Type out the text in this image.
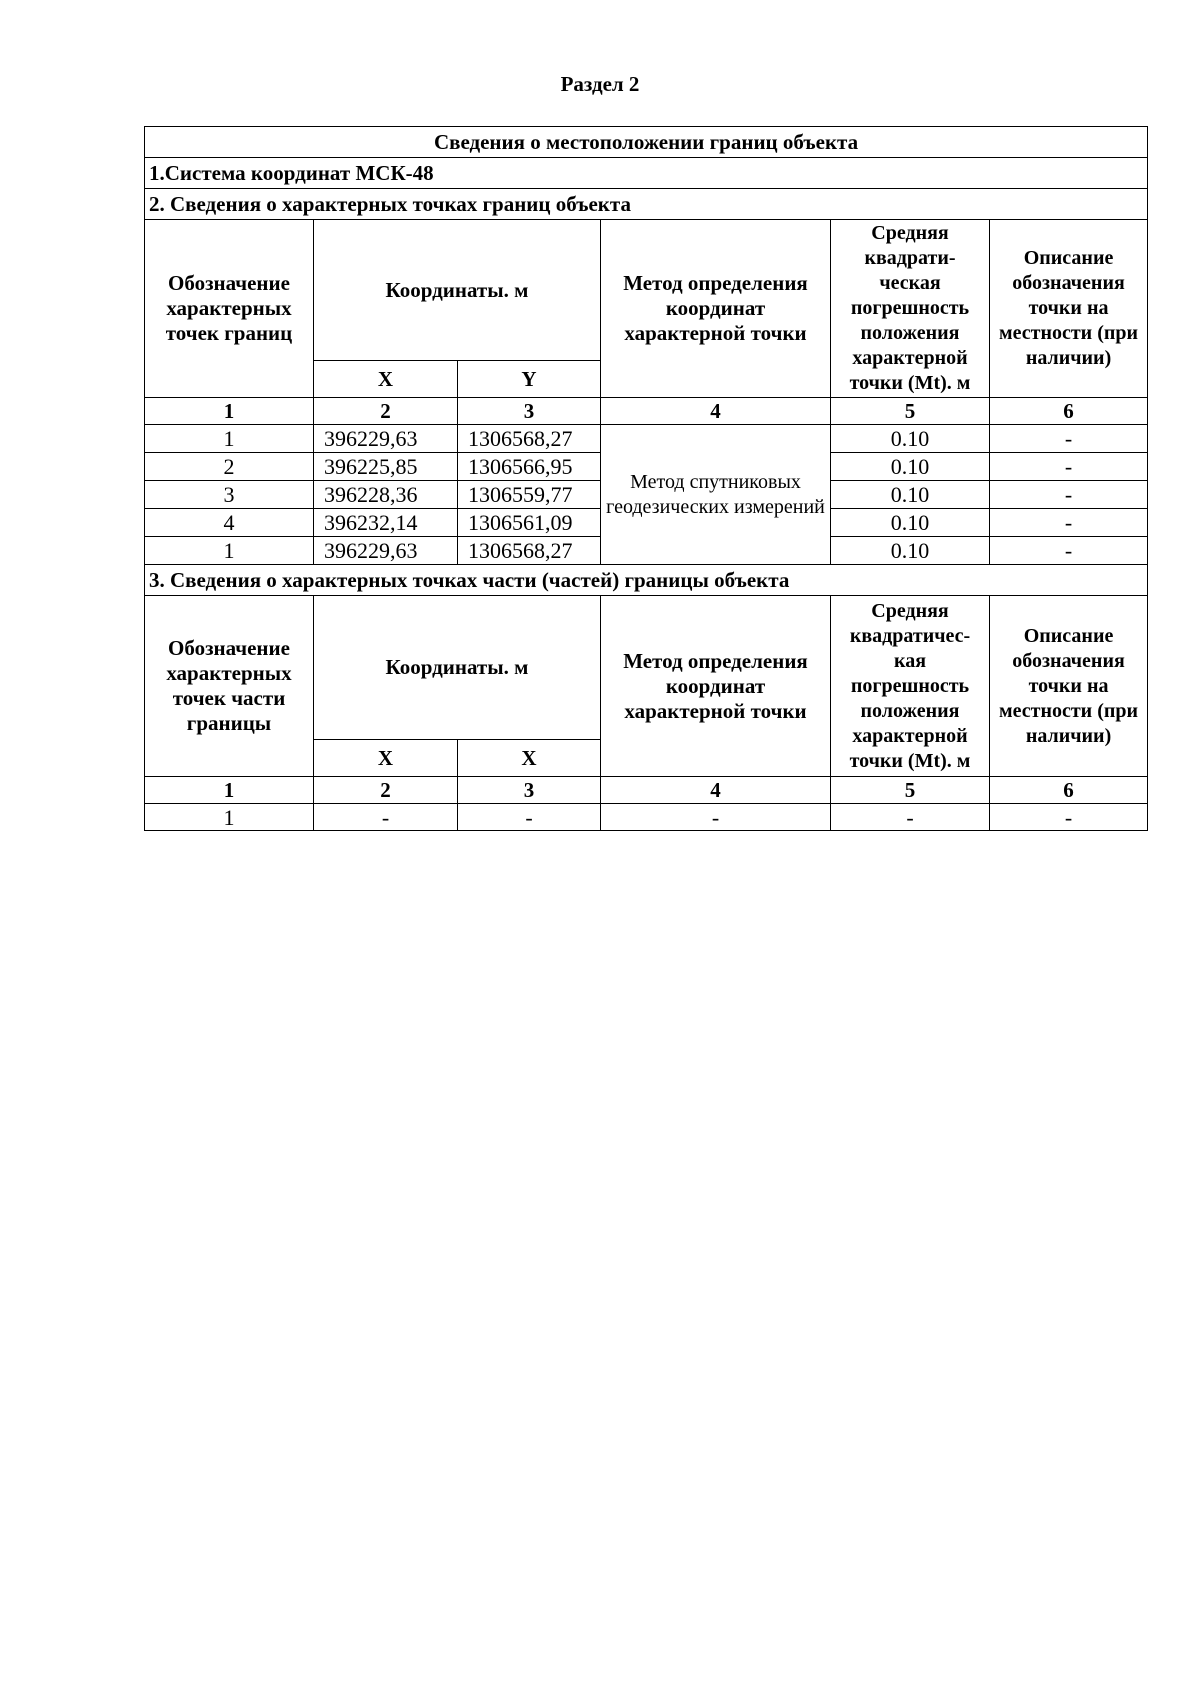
Раздел 2
Сведения о местоположении границ объекта					
1.Система координат МСК-48					
2. Сведения о характерных точках границ объекта					
Обозначение характерных точек границ	Координаты. м		Метод определения координат характерной точки	Средняя квадрати-ческая погрешность положения характерной точки (Mt). м	Описание обозначения точки на местности (при наличии)
	X	Y			
1	2	3	4	5	6
1	396229,63	1306568,27	Метод спутниковых геодезических измерений	0.10	-
2	396225,85	1306566,95		0.10	-
3	396228,36	1306559,77		0.10	-
4	396232,14	1306561,09		0.10	-
1	396229,63	1306568,27		0.10	-
3. Сведения о характерных точках части (частей) границы объекта					
Обозначение характерных точек части границы	Координаты. м		Метод определения координат характерной точки	Средняя квадратичес-кая погрешность положения характерной точки (Mt). м	Описание обозначения точки на местности (при наличии)
	X	X			
1	2	3	4	5	6
1	-	-	-	-	-
